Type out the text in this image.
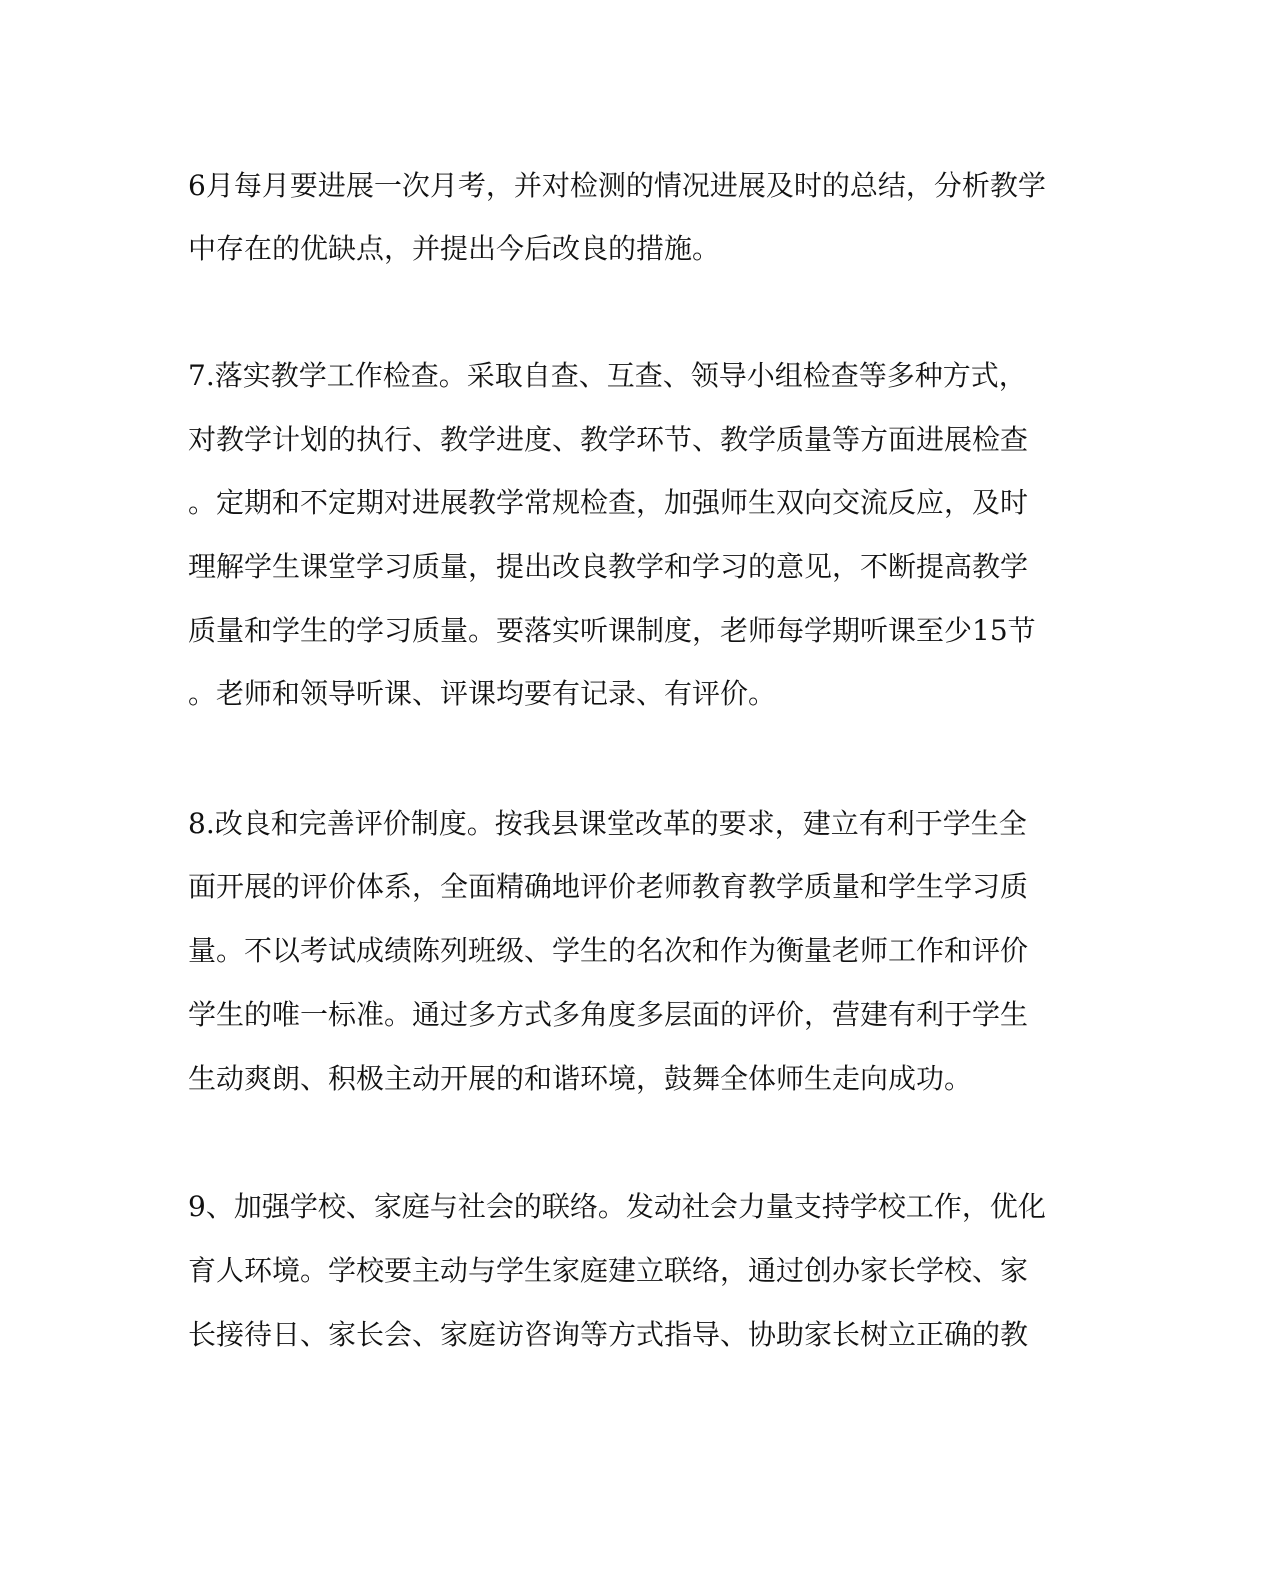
6月每月要进展一次月考，并对检测的情况进展及时的总结，分析教学
中存在的优缺点，并提出今后改良的措施。
7.落实教学工作检查。采取自查、互查、领导小组检查等多种方式，
对教学计划的执行、教学进度、教学环节、教学质量等方面进展检查
。定期和不定期对进展教学常规检查，加强师生双向交流反应，及时
理解学生课堂学习质量，提出改良教学和学习的意见，不断提高教学
质量和学生的学习质量。要落实听课制度，老师每学期听课至少15节
。老师和领导听课、评课均要有记录、有评价。
8.改良和完善评价制度。按我县课堂改革的要求，建立有利于学生全
面开展的评价体系，全面精确地评价老师教育教学质量和学生学习质
量。不以考试成绩陈列班级、学生的名次和作为衡量老师工作和评价
学生的唯一标准。通过多方式多角度多层面的评价，营建有利于学生
生动爽朗、积极主动开展的和谐环境，鼓舞全体师生走向成功。
9、加强学校、家庭与社会的联络。发动社会力量支持学校工作，优化
育人环境。学校要主动与学生家庭建立联络，通过创办家长学校、家
长接待日、家长会、家庭访咨询等方式指导、协助家长树立正确的教
